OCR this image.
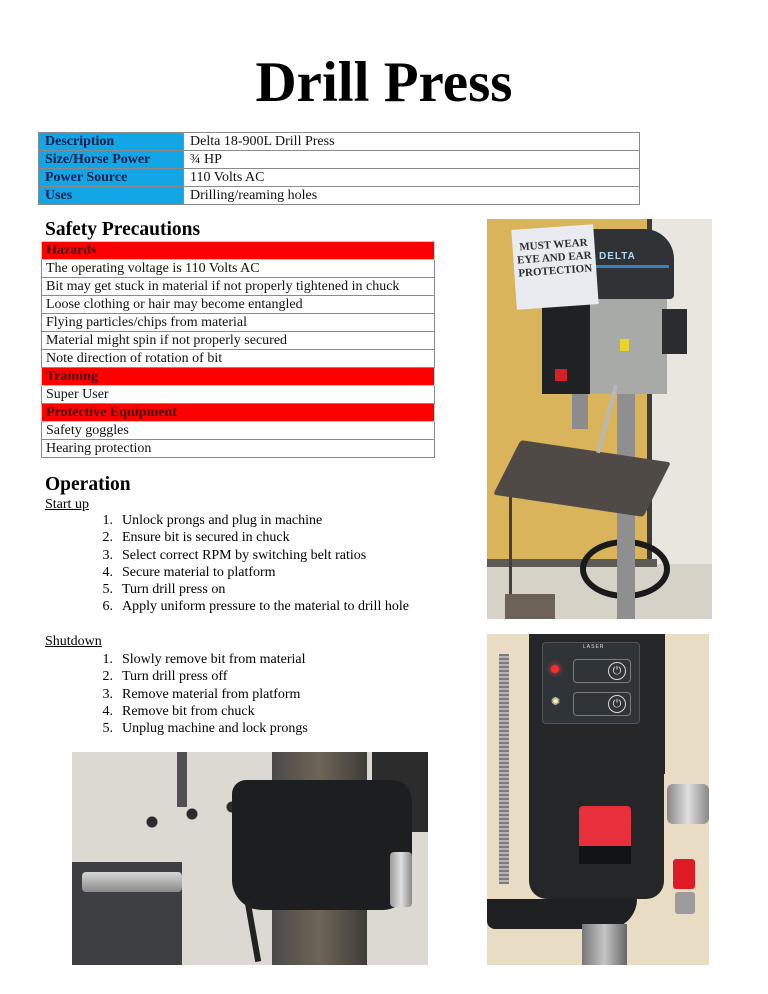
Drill Press
Description	Delta 18-900L Drill Press
Size/Horse Power	¾ HP
Power Source	110 Volts AC
Uses	Drilling/reaming holes
Safety Precautions
Hazards
The operating voltage is 110 Volts AC
Bit may get stuck in material if not properly tightened in chuck
Loose clothing or hair may become entangled
Flying particles/chips from material
Material might spin if not properly secured
Note direction of rotation of bit
Training
Super User
Protective Equipment
Safety goggles
Hearing protection
Operation
Start up
1. Unlock prongs and plug in machine
2. Ensure bit is secured in chuck
3. Select correct RPM by switching belt ratios
4. Secure material to platform
5. Turn drill press on
6. Apply uniform pressure to the material to drill hole
Shutdown
1. Slowly remove bit from material
2. Turn drill press off
3. Remove material from platform
4. Remove bit from chuck
5. Unplug machine and lock prongs
DELTA
MUST WEAR EYE AND EAR PROTECTION
LASER
⏻
✺	⏻
